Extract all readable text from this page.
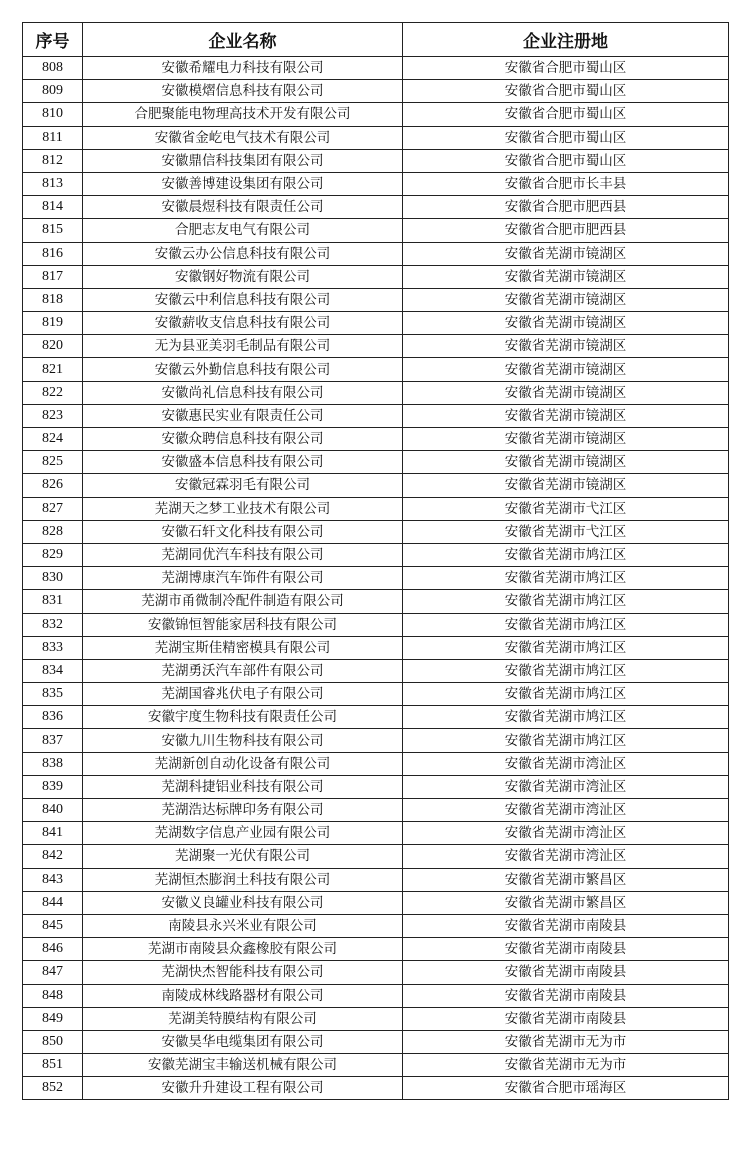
序号	企业名称	企业注册地
808	安徽希耀电力科技有限公司	安徽省合肥市蜀山区
809	安徽模熠信息科技有限公司	安徽省合肥市蜀山区
810	合肥聚能电物理高技术开发有限公司	安徽省合肥市蜀山区
811	安徽省金屹电气技术有限公司	安徽省合肥市蜀山区
812	安徽鼎信科技集团有限公司	安徽省合肥市蜀山区
813	安徽善博建设集团有限公司	安徽省合肥市长丰县
814	安徽晨煜科技有限责任公司	安徽省合肥市肥西县
815	合肥志友电气有限公司	安徽省合肥市肥西县
816	安徽云办公信息科技有限公司	安徽省芜湖市镜湖区
817	安徽钢好物流有限公司	安徽省芜湖市镜湖区
818	安徽云中利信息科技有限公司	安徽省芜湖市镜湖区
819	安徽薪收支信息科技有限公司	安徽省芜湖市镜湖区
820	无为县亚美羽毛制品有限公司	安徽省芜湖市镜湖区
821	安徽云外勤信息科技有限公司	安徽省芜湖市镜湖区
822	安徽尚礼信息科技有限公司	安徽省芜湖市镜湖区
823	安徽惠民实业有限责任公司	安徽省芜湖市镜湖区
824	安徽众聘信息科技有限公司	安徽省芜湖市镜湖区
825	安徽盛本信息科技有限公司	安徽省芜湖市镜湖区
826	安徽冠霖羽毛有限公司	安徽省芜湖市镜湖区
827	芜湖天之梦工业技术有限公司	安徽省芜湖市弋江区
828	安徽石轩文化科技有限公司	安徽省芜湖市弋江区
829	芜湖同优汽车科技有限公司	安徽省芜湖市鸠江区
830	芜湖博康汽车饰件有限公司	安徽省芜湖市鸠江区
831	芜湖市甬微制冷配件制造有限公司	安徽省芜湖市鸠江区
832	安徽锦恒智能家居科技有限公司	安徽省芜湖市鸠江区
833	芜湖宝斯佳精密模具有限公司	安徽省芜湖市鸠江区
834	芜湖勇沃汽车部件有限公司	安徽省芜湖市鸠江区
835	芜湖国睿兆伏电子有限公司	安徽省芜湖市鸠江区
836	安徽宇度生物科技有限责任公司	安徽省芜湖市鸠江区
837	安徽九川生物科技有限公司	安徽省芜湖市鸠江区
838	芜湖新创自动化设备有限公司	安徽省芜湖市湾沚区
839	芜湖科捷铝业科技有限公司	安徽省芜湖市湾沚区
840	芜湖浩达标牌印务有限公司	安徽省芜湖市湾沚区
841	芜湖数字信息产业园有限公司	安徽省芜湖市湾沚区
842	芜湖聚一光伏有限公司	安徽省芜湖市湾沚区
843	芜湖恒杰膨润土科技有限公司	安徽省芜湖市繁昌区
844	安徽义良罐业科技有限公司	安徽省芜湖市繁昌区
845	南陵县永兴米业有限公司	安徽省芜湖市南陵县
846	芜湖市南陵县众鑫橡胶有限公司	安徽省芜湖市南陵县
847	芜湖快杰智能科技有限公司	安徽省芜湖市南陵县
848	南陵成林线路器材有限公司	安徽省芜湖市南陵县
849	芜湖美特膜结构有限公司	安徽省芜湖市南陵县
850	安徽昊华电缆集团有限公司	安徽省芜湖市无为市
851	安徽芜湖宝丰输送机械有限公司	安徽省芜湖市无为市
852	安徽升升建设工程有限公司	安徽省合肥市瑶海区
